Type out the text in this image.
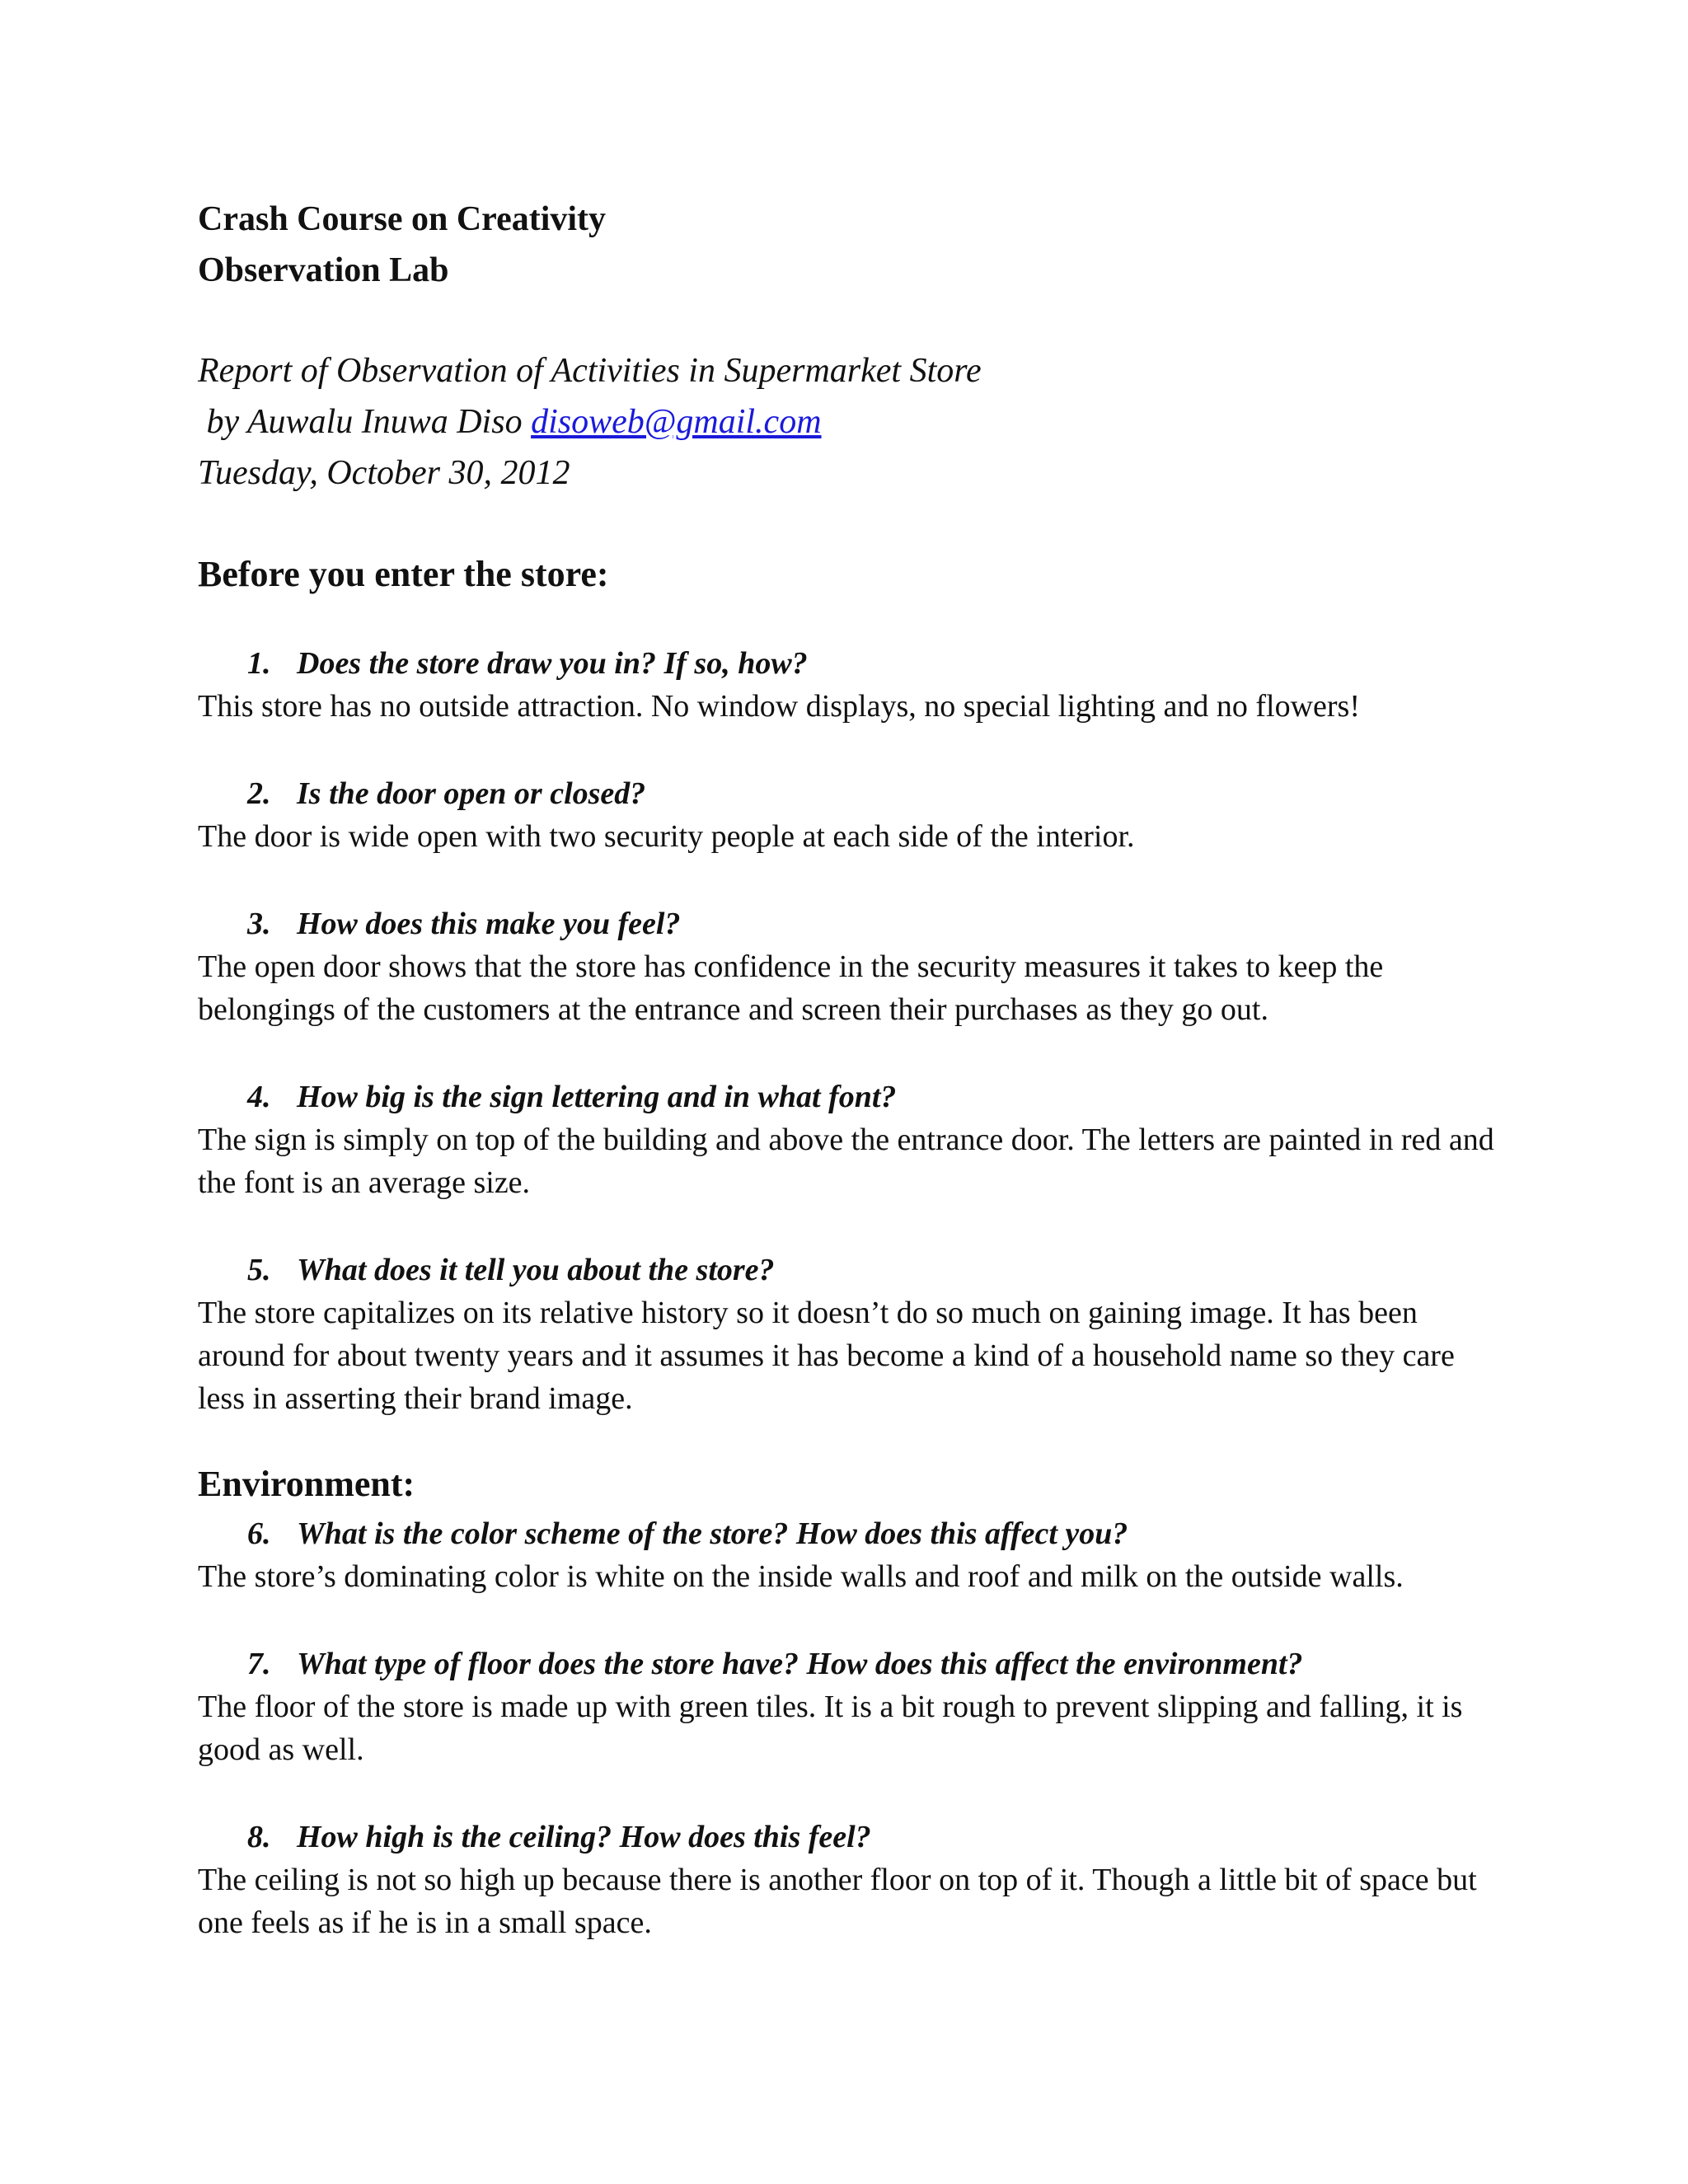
Crash Course on Creativity

Observation Lab

Report of Observation of Activities in Supermarket Store
by Auwalu Inuwa Diso disoweb@gmail.com
Tuesday, October 30, 2012

Before you enter the store:

1. Does the store draw you in? If so, how?

This store has no outside attraction. No window displays, no special lighting and no flowers!

2. Is the door open or closed?

The door is wide open with two security people at each side of the interior.

3. How does this make you feel?

The open door shows that the store has confidence in the security measures it takes to keep the belongings of the customers at the entrance and screen their purchases as they go out.

4. How big is the sign lettering and in what font?

The sign is simply on top of the building and above the entrance door. The letters are painted in red and the font is an average size.

5. What does it tell you about the store?

The store capitalizes on its relative history so it doesn’t do so much on gaining image. It has been around for about twenty years and it assumes it has become a kind of a household name so they care less in asserting their brand image.

Environment:

6. What is the color scheme of the store? How does this affect you?

The store’s dominating color is white on the inside walls and roof and milk on the outside walls.

7. What type of floor does the store have? How does this affect the environment?

The floor of the store is made up with green tiles. It is a bit rough to prevent slipping and falling, it is good as well.

8. How high is the ceiling? How does this feel?

The ceiling is not so high up because there is another floor on top of it. Though a little bit of space but one feels as if he is in a small space.
